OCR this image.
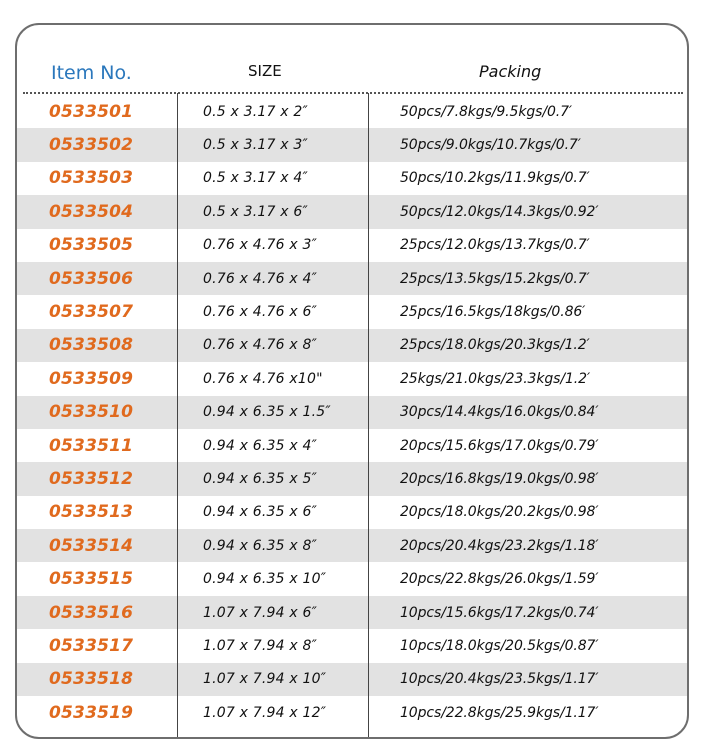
Item No.	SIZE	Packing
0533501	0.5 x 3.17 x 2″	50pcs/7.8kgs/9.5kgs/0.7′
0533502	0.5 x 3.17 x 3″	50pcs/9.0kgs/10.7kgs/0.7′
0533503	0.5 x 3.17 x 4″	50pcs/10.2kgs/11.9kgs/0.7′
0533504	0.5 x 3.17 x 6″	50pcs/12.0kgs/14.3kgs/0.92′
0533505	0.76 x 4.76 x 3″	25pcs/12.0kgs/13.7kgs/0.7′
0533506	0.76 x 4.76 x 4″	25pcs/13.5kgs/15.2kgs/0.7′
0533507	0.76 x 4.76 x 6″	25pcs/16.5kgs/18kgs/0.86′
0533508	0.76 x 4.76 x 8″	25pcs/18.0kgs/20.3kgs/1.2′
0533509	0.76 x 4.76 x10"	25kgs/21.0kgs/23.3kgs/1.2′
0533510	0.94 x 6.35 x 1.5″	30pcs/14.4kgs/16.0kgs/0.84′
0533511	0.94 x 6.35 x 4″	20pcs/15.6kgs/17.0kgs/0.79′
0533512	0.94 x 6.35 x 5″	20pcs/16.8kgs/19.0kgs/0.98′
0533513	0.94 x 6.35 x 6″	20pcs/18.0kgs/20.2kgs/0.98′
0533514	0.94 x 6.35 x 8″	20pcs/20.4kgs/23.2kgs/1.18′
0533515	0.94 x 6.35 x 10″	20pcs/22.8kgs/26.0kgs/1.59′
0533516	1.07 x 7.94 x 6″	10pcs/15.6kgs/17.2kgs/0.74′
0533517	1.07 x 7.94 x 8″	10pcs/18.0kgs/20.5kgs/0.87′
0533518	1.07 x 7.94 x 10″	10pcs/20.4kgs/23.5kgs/1.17′
0533519	1.07 x 7.94 x 12″	10pcs/22.8kgs/25.9kgs/1.17′
